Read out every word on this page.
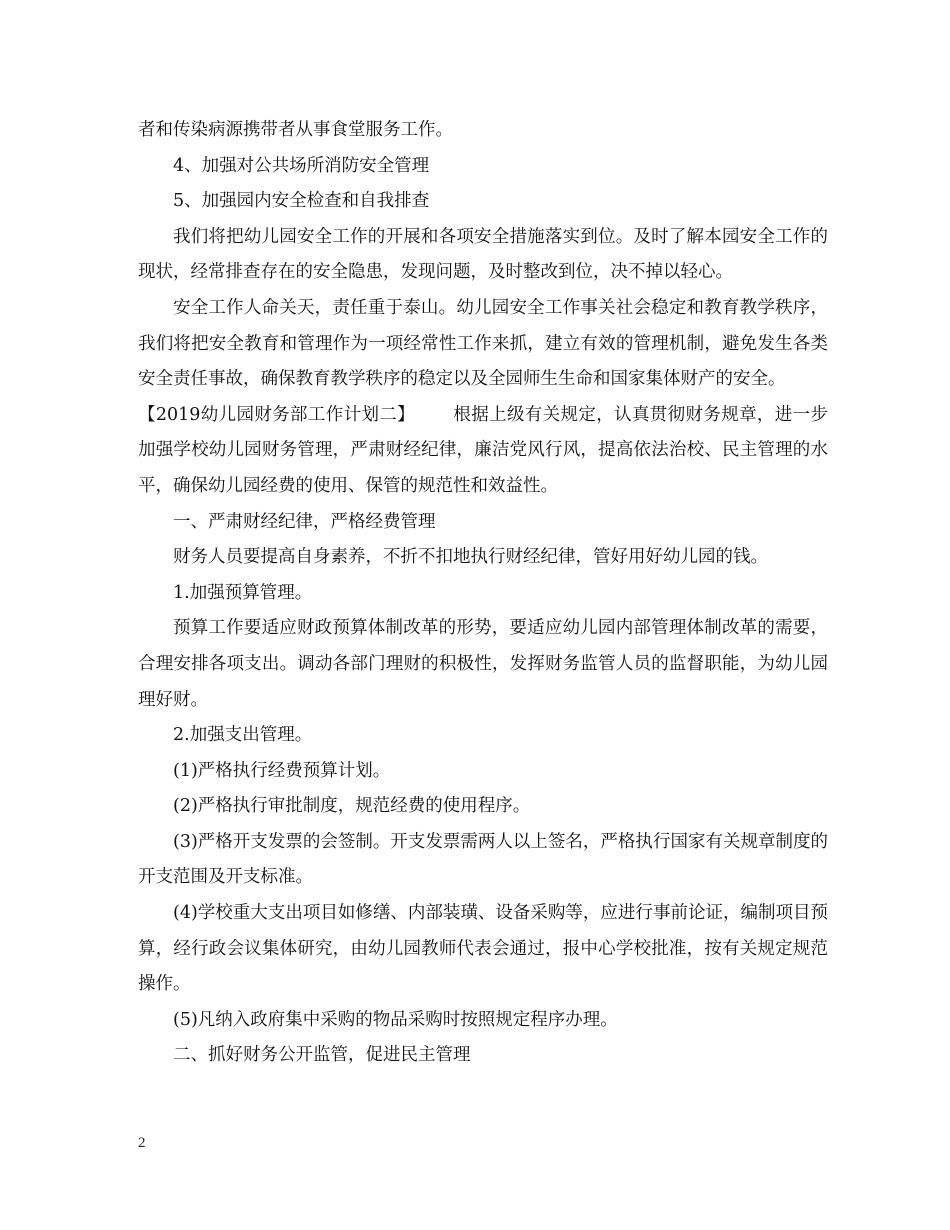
者和传染病源携带者从事食堂服务工作。

4、加强对公共场所消防安全管理

5、加强园内安全检查和自我排查

我们将把幼儿园安全工作的开展和各项安全措施落实到位。及时了解本园安全工作的现状，经常排查存在的安全隐患，发现问题，及时整改到位，决不掉以轻心。

安全工作人命关天，责任重于泰山。幼儿园安全工作事关社会稳定和教育教学秩序，我们将把安全教育和管理作为一项经常性工作来抓，建立有效的管理机制，避免发生各类安全责任事故，确保教育教学秩序的稳定以及全园师生生命和国家集体财产的安全。

【2019幼儿园财务部工作计划二】 根据上级有关规定，认真贯彻财务规章，进一步加强学校幼儿园财务管理，严肃财经纪律，廉洁党风行风，提高依法治校、民主管理的水平，确保幼儿园经费的使用、保管的规范性和效益性。

一、严肃财经纪律，严格经费管理

财务人员要提高自身素养，不折不扣地执行财经纪律，管好用好幼儿园的钱。

1.加强预算管理。

预算工作要适应财政预算体制改革的形势，要适应幼儿园内部管理体制改革的需要，合理安排各项支出。调动各部门理财的积极性，发挥财务监管人员的监督职能，为幼儿园理好财。

2.加强支出管理。

(1)严格执行经费预算计划。

(2)严格执行审批制度，规范经费的使用程序。

(3)严格开支发票的会签制。开支发票需两人以上签名，严格执行国家有关规章制度的开支范围及开支标准。

(4)学校重大支出项目如修缮、内部装璜、设备采购等，应进行事前论证，编制项目预算，经行政会议集体研究，由幼儿园教师代表会通过，报中心学校批准，按有关规定规范操作。

(5)凡纳入政府集中采购的物品采购时按照规定程序办理。

二、抓好财务公开监管，促进民主管理

2
